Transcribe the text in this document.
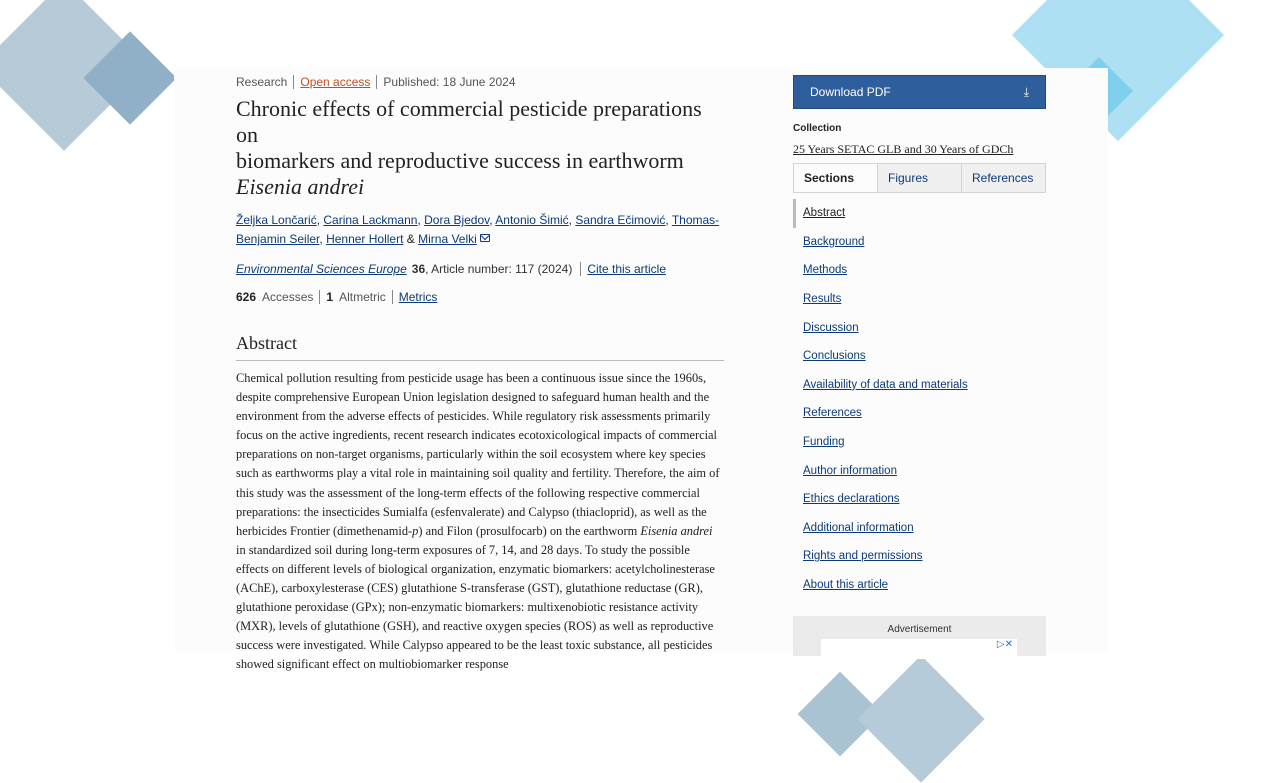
Research Open access Published: 18 June 2024
Chronic effects of commercial pesticide preparations on
biomarkers and reproductive success in earthworm
Eisenia andrei
Željka Lončarić, Carina Lackmann, Dora Bjedov, Antonio Šimić, Sandra Ečimović, Thomas-Benjamin Seiler, Henner Hollert & Mirna Velki
Environmental Sciences Europe 36 , Article number: 117 (2024) Cite this article
626 Accesses 1 Altmetric Metrics
Abstract

Chemical pollution resulting from pesticide usage has been a continuous issue since the 1960s, despite comprehensive European Union legislation designed to safeguard human health and the environment from the adverse effects of pesticides. While regulatory risk assessments primarily focus on the active ingredients, recent research indicates ecotoxicological impacts of commercial preparations on non-target organisms, particularly within the soil ecosystem where key species such as earthworms play a vital role in maintaining soil quality and fertility. Therefore, the aim of this study was the assessment of the long-term effects of the following respective commercial preparations: the insecticides Sumialfa (esfenvalerate) and Calypso (thiacloprid), as well as the herbicides Frontier (dimethenamid-p) and Filon (prosulfocarb) on the earthworm Eisenia andrei in standardized soil during long-term exposures of 7, 14, and 28 days. To study the possible effects on different levels of biological organization, enzymatic biomarkers: acetylcholinesterase (AChE), carboxylesterase (CES) glutathione S-transferase (GST), glutathione reductase (GR), glutathione peroxidase (GPx); non-enzymatic biomarkers: multixenobiotic resistance activity (MXR), levels of glutathione (GSH), and reactive oxygen species (ROS) as well as reproductive success were investigated. While Calypso appeared to be the least toxic substance, all pesticides showed significant effect on multiobiomarker response

Download PDF	⤓
Collection
25 Years SETAC GLB and 30 Years of GDCh
Sections	Figures	References
Abstract
Background
Methods
Results
Discussion
Conclusions
Availability of data and materials
References
Funding
Author information
Ethics declarations
Additional information
Rights and permissions
About this article
Advertisement
▷✕
